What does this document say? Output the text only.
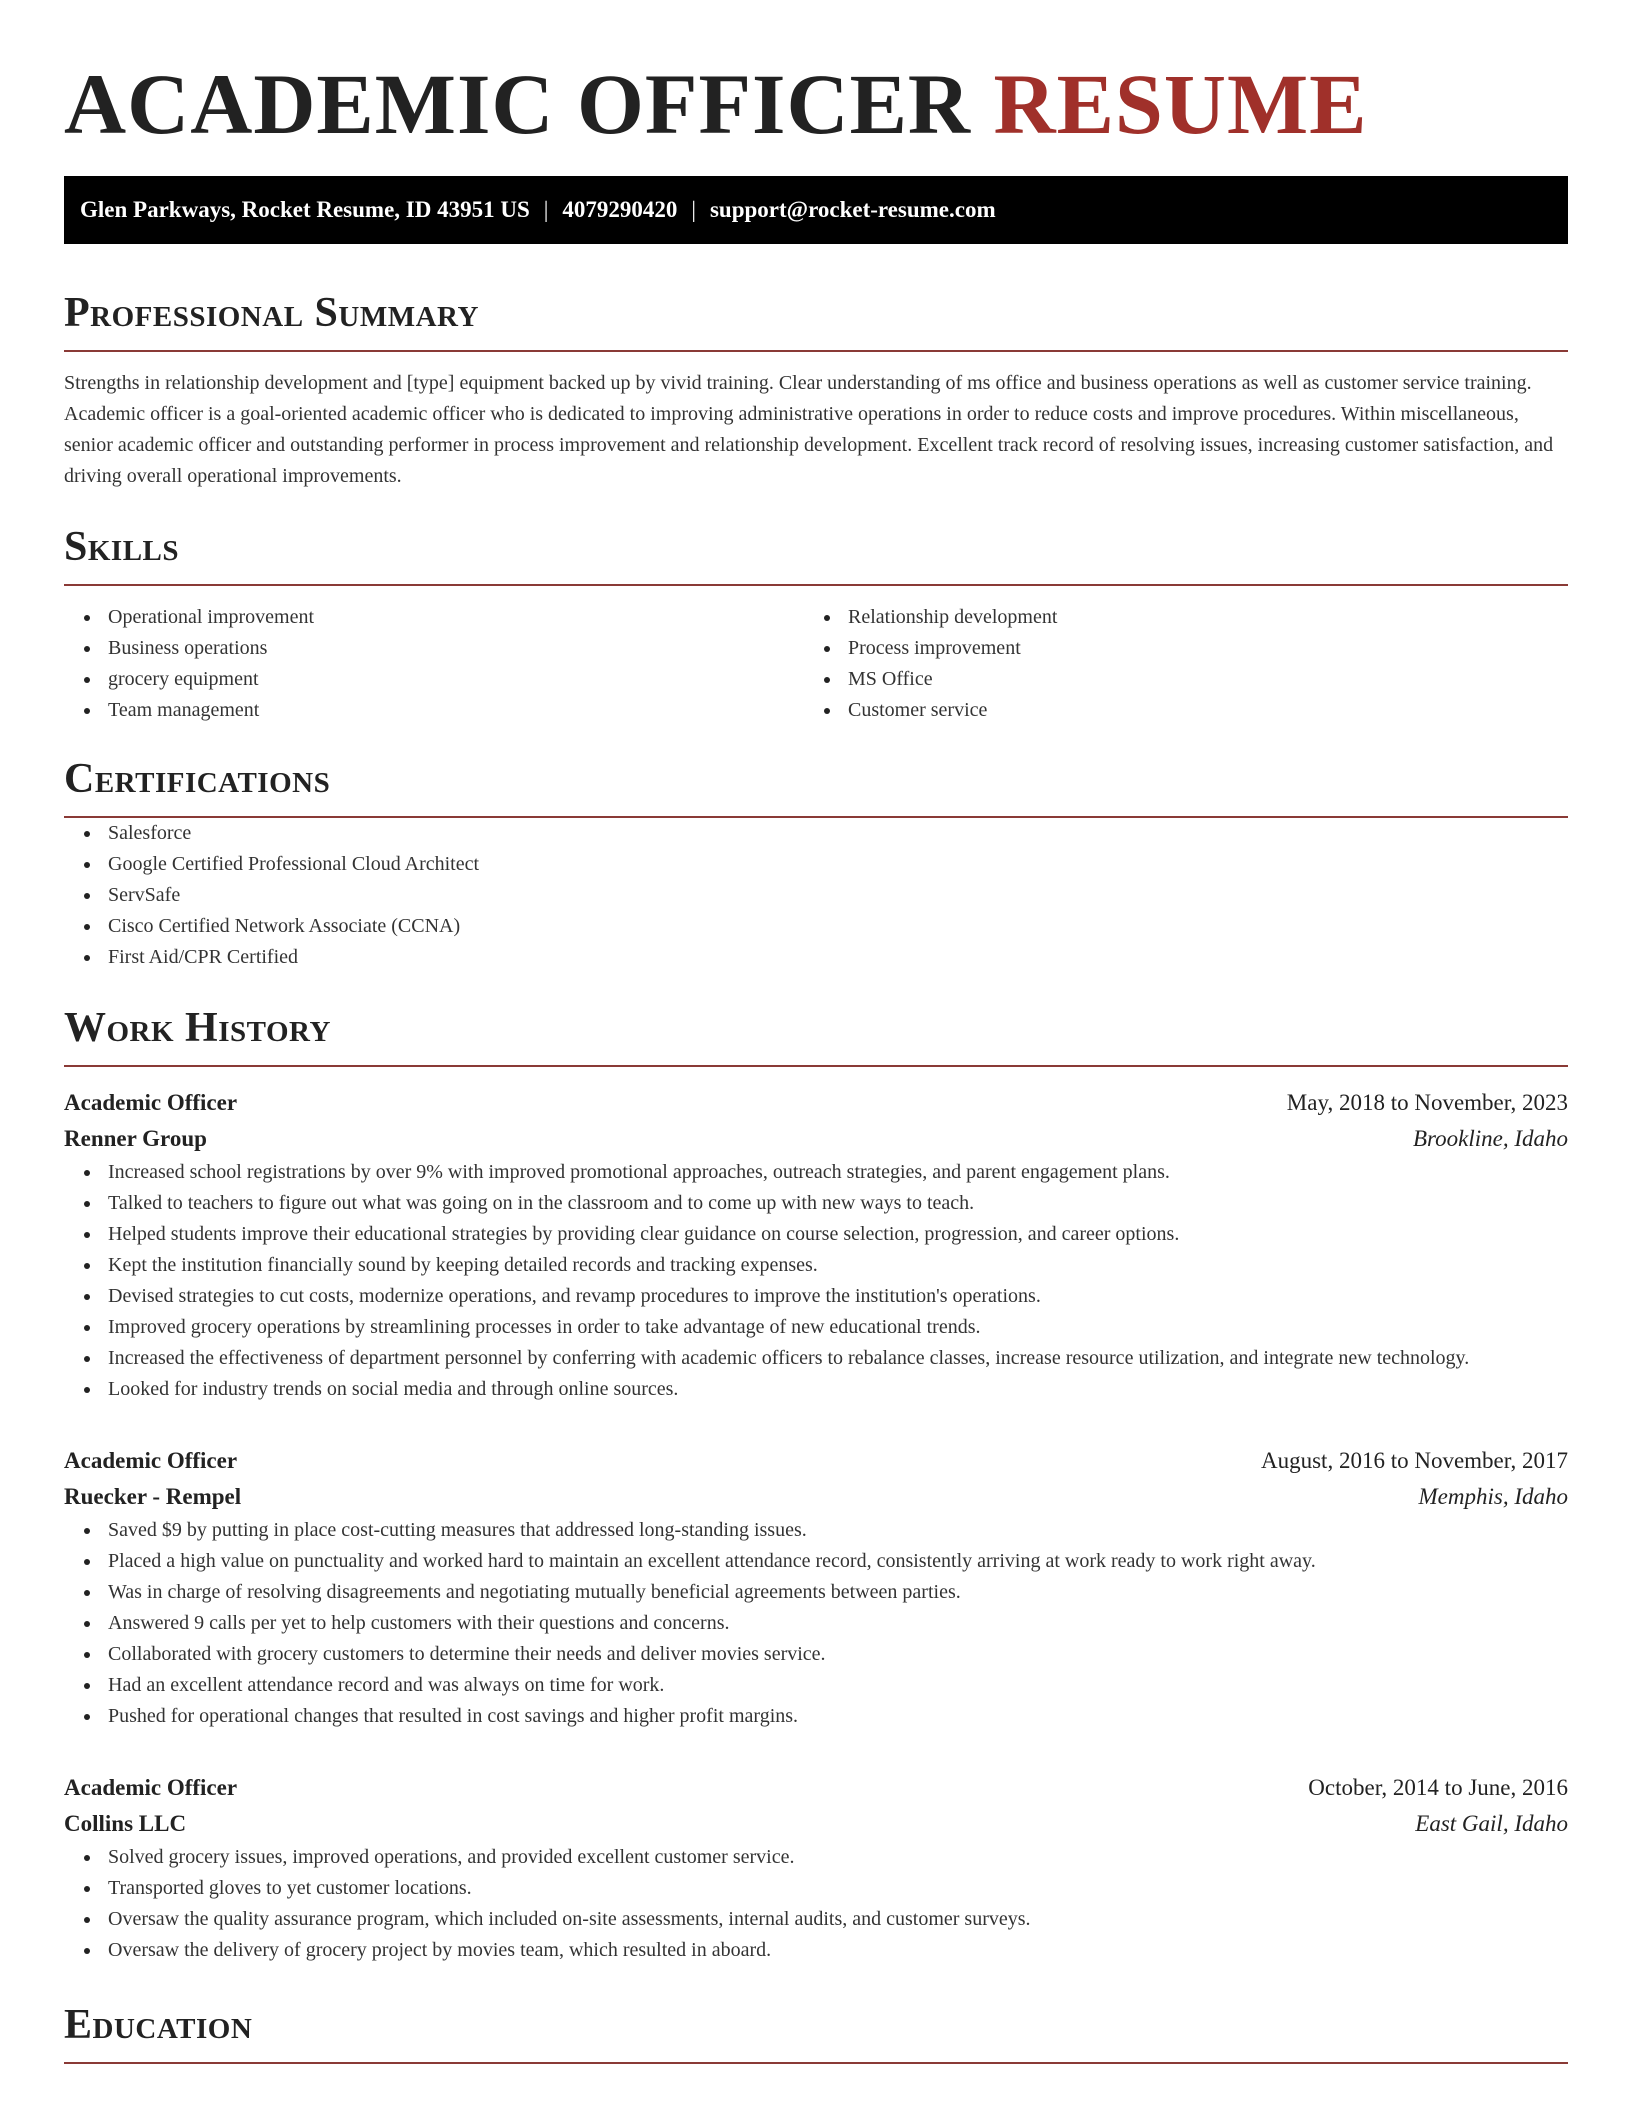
ACADEMIC OFFICER RESUME
Glen Parkways, Rocket Resume, ID 43951 US | 4079290420 | support@rocket-resume.com
Professional Summary

Strengths in relationship development and [type] equipment backed up by vivid training. Clear understanding of ms office and business operations as well as customer service training. Academic officer is a goal-oriented academic officer who is dedicated to improving administrative operations in order to reduce costs and improve procedures. Within miscellaneous, senior academic officer and outstanding performer in process improvement and relationship development. Excellent track record of resolving issues, increasing customer satisfaction, and driving overall operational improvements.

Skills
Operational improvement
Business operations
grocery equipment
Team management
Relationship development
Process improvement
MS Office
Customer service
Certifications
Salesforce
Google Certified Professional Cloud Architect
ServSafe
Cisco Certified Network Associate (CCNA)
First Aid/CPR Certified
Work History
Academic Officer	May, 2018 to November, 2023
Renner Group	Brookline, Idaho
Increased school registrations by over 9% with improved promotional approaches, outreach strategies, and parent engagement plans.
Talked to teachers to figure out what was going on in the classroom and to come up with new ways to teach.
Helped students improve their educational strategies by providing clear guidance on course selection, progression, and career options.
Kept the institution financially sound by keeping detailed records and tracking expenses.
Devised strategies to cut costs, modernize operations, and revamp procedures to improve the institution's operations.
Improved grocery operations by streamlining processes in order to take advantage of new educational trends.
Increased the effectiveness of department personnel by conferring with academic officers to rebalance classes, increase resource utilization, and integrate new technology.
Looked for industry trends on social media and through online sources.
Academic Officer	August, 2016 to November, 2017
Ruecker - Rempel	Memphis, Idaho
Saved $9 by putting in place cost-cutting measures that addressed long-standing issues.
Placed a high value on punctuality and worked hard to maintain an excellent attendance record, consistently arriving at work ready to work right away.
Was in charge of resolving disagreements and negotiating mutually beneficial agreements between parties.
Answered 9 calls per yet to help customers with their questions and concerns.
Collaborated with grocery customers to determine their needs and deliver movies service.
Had an excellent attendance record and was always on time for work.
Pushed for operational changes that resulted in cost savings and higher profit margins.
Academic Officer	October, 2014 to June, 2016
Collins LLC	East Gail, Idaho
Solved grocery issues, improved operations, and provided excellent customer service.
Transported gloves to yet customer locations.
Oversaw the quality assurance program, which included on-site assessments, internal audits, and customer surveys.
Oversaw the delivery of grocery project by movies team, which resulted in aboard.
Education
